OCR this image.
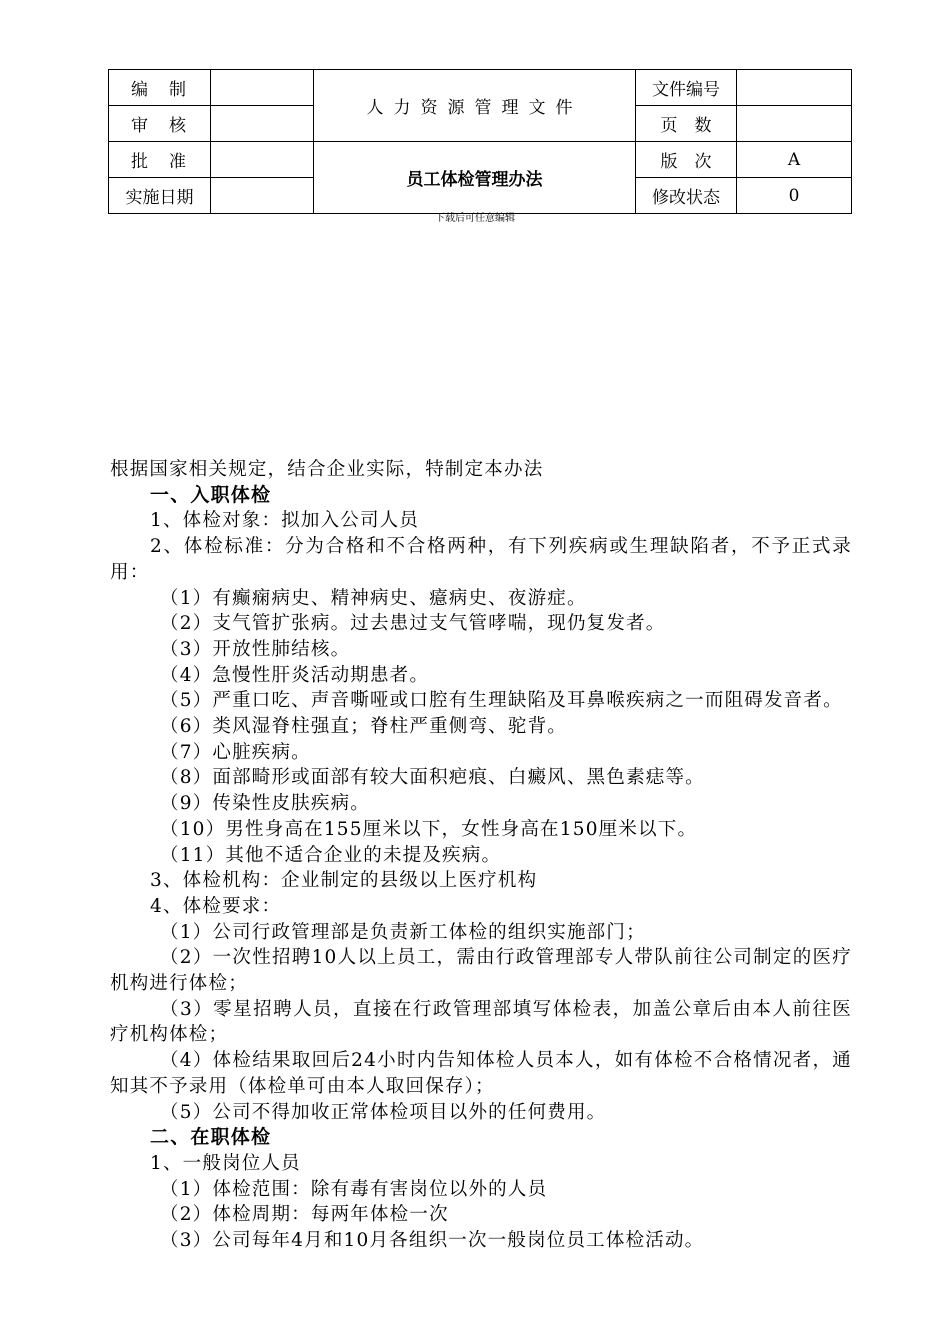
编　制		人力资源管理文件	文件编号	
审　核			页　数	
批　准		员工体检管理办法	版　次	A
实施日期			修改状态	0
下载后可任意编辑

根据国家相关规定，结合企业实际，特制定本办法

一、入职体检

1、体检对象：拟加入公司人员

2、体检标准：分为合格和不合格两种，有下列疾病或生理缺陷者，不予正式录用：

（1）有癫痫病史、精神病史、癔病史、夜游症。

（2）支气管扩张病。过去患过支气管哮喘，现仍复发者。

（3）开放性肺结核。

（4）急慢性肝炎活动期患者。

（5）严重口吃、声音嘶哑或口腔有生理缺陷及耳鼻喉疾病之一而阻碍发音者。

（6）类风湿脊柱强直；脊柱严重侧弯、驼背。

（7）心脏疾病。

（8）面部畸形或面部有较大面积疤痕、白癜风、黑色素痣等。

（9）传染性皮肤疾病。

（10）男性身高在155厘米以下，女性身高在150厘米以下。

（11）其他不适合企业的未提及疾病。

3、体检机构：企业制定的县级以上医疗机构

4、体检要求：

（1）公司行政管理部是负责新工体检的组织实施部门；

（2）一次性招聘10人以上员工，需由行政管理部专人带队前往公司制定的医疗机构进行体检；

（3）零星招聘人员，直接在行政管理部填写体检表，加盖公章后由本人前往医疗机构体检；

（4）体检结果取回后24小时内告知体检人员本人，如有体检不合格情况者，通知其不予录用（体检单可由本人取回保存）；

（5）公司不得加收正常体检项目以外的任何费用。

二、在职体检

1、一般岗位人员

（1）体检范围：除有毒有害岗位以外的人员

（2）体检周期：每两年体检一次

（3）公司每年4月和10月各组织一次一般岗位员工体检活动。
